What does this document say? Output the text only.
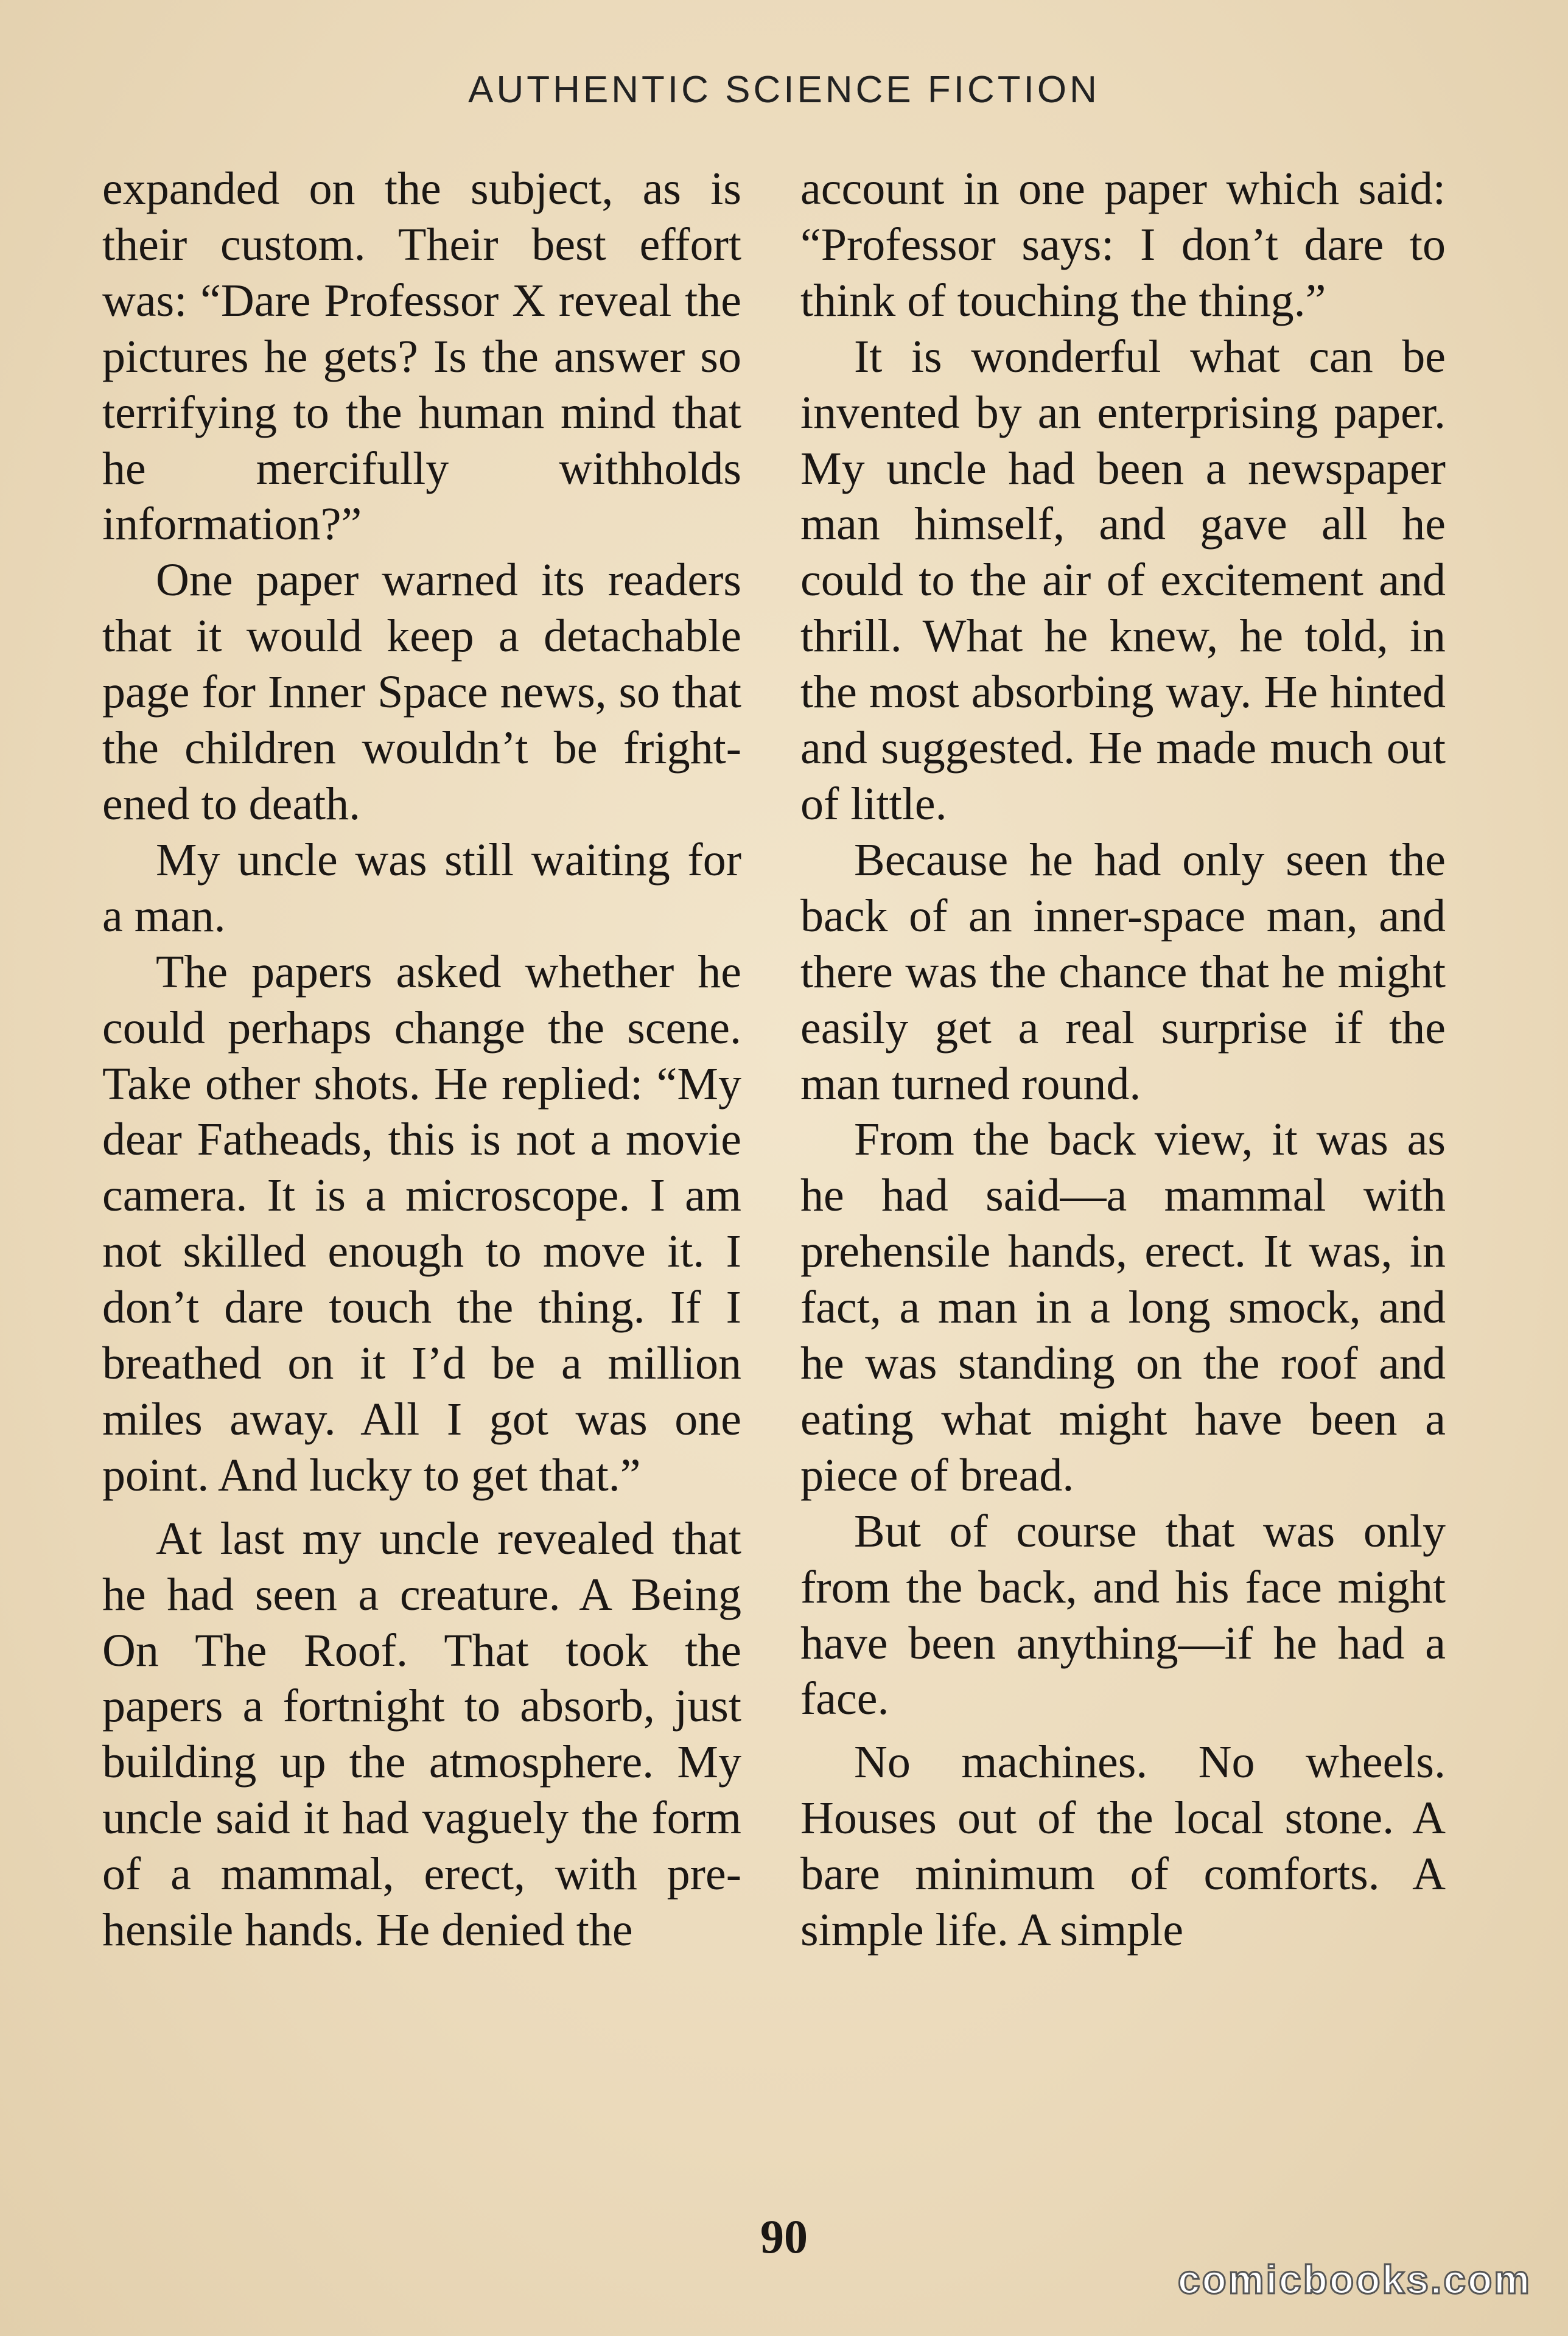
AUTHENTIC SCIENCE FICTION

expanded on the subject, as is their custom. Their best effort was: “Dare Professor X reveal the pictures he gets? Is the answer so terrifying to the human mind that he mercifully withholds information?”

One paper warned its readers that it would keep a detachable page for Inner Space news, so that the children wouldn’t be frightened to death.

My uncle was still waiting for a man.

The papers asked whether he could perhaps change the scene. Take other shots. He replied: “My dear Fatheads, this is not a movie camera. It is a microscope. I am not skilled enough to move it. I don’t dare touch the thing. If I breathed on it I’d be a million miles away. All I got was one point. And lucky to get that.”

At last my uncle revealed that he had seen a creature. A Being On The Roof. That took the papers a fortnight to absorb, just building up the atmosphere. My uncle said it had vaguely the form of a mammal, erect, with prehensile hands. He denied the

account in one paper which said: “Professor says: I don’t dare to think of touching the thing.”

It is wonderful what can be invented by an enterprising paper. My uncle had been a newspaper man himself, and gave all he could to the air of excitement and thrill. What he knew, he told, in the most absorbing way. He hinted and suggested. He made much out of little.

Because he had only seen the back of an inner-space man, and there was the chance that he might easily get a real surprise if the man turned round.

From the back view, it was as he had said—a mammal with prehensile hands, erect. It was, in fact, a man in a long smock, and he was standing on the roof and eating what might have been a piece of bread.

But of course that was only from the back, and his face might have been anything—if he had a face.

No machines. No wheels. Houses out of the local stone. A bare minimum of comforts. A simple life. A simple

90
comicbooks.com
